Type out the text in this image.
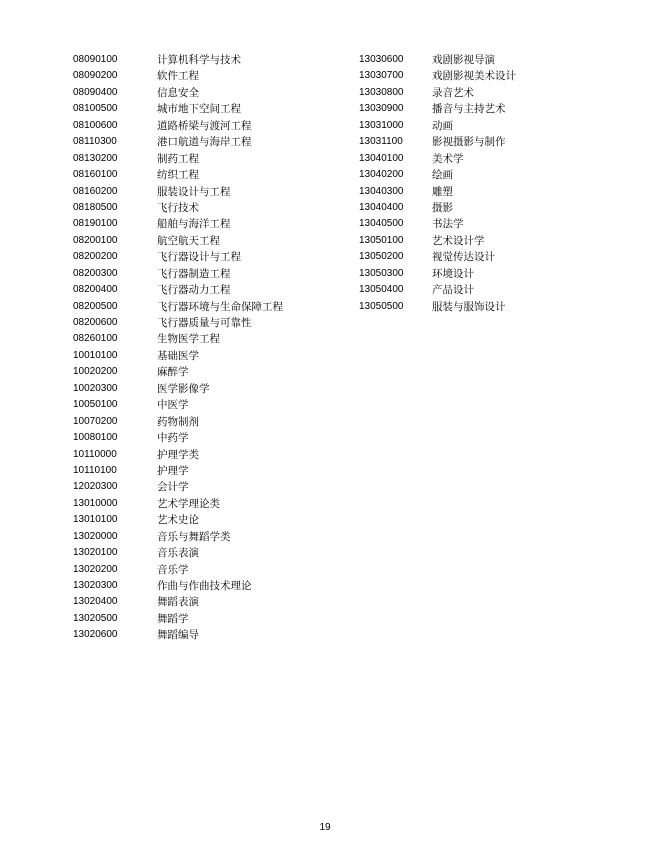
08090100	计算机科学与技术
08090200	软件工程
08090400	信息安全
08100500	城市地下空间工程
08100600	道路桥梁与渡河工程
08110300	港口航道与海岸工程
08130200	制药工程
08160100	纺织工程
08160200	服装设计与工程
08180500	飞行技术
08190100	船舶与海洋工程
08200100	航空航天工程
08200200	飞行器设计与工程
08200300	飞行器制造工程
08200400	飞行器动力工程
08200500	飞行器环境与生命保障工程
08200600	飞行器质量与可靠性
08260100	生物医学工程
10010100	基础医学
10020200	麻醉学
10020300	医学影像学
10050100	中医学
10070200	药物制剂
10080100	中药学
10110000	护理学类
10110100	护理学
12020300	会计学
13010000	艺术学理论类
13010100	艺术史论
13020000	音乐与舞蹈学类
13020100	音乐表演
13020200	音乐学
13020300	作曲与作曲技术理论
13020400	舞蹈表演
13020500	舞蹈学
13020600	舞蹈编导
13030600	戏剧影视导演
13030700	戏剧影视美术设计
13030800	录音艺术
13030900	播音与主持艺术
13031000	动画
13031100	影视摄影与制作
13040100	美术学
13040200	绘画
13040300	雕塑
13040400	摄影
13040500	书法学
13050100	艺术设计学
13050200	视觉传达设计
13050300	环境设计
13050400	产品设计
13050500	服装与服饰设计
19
